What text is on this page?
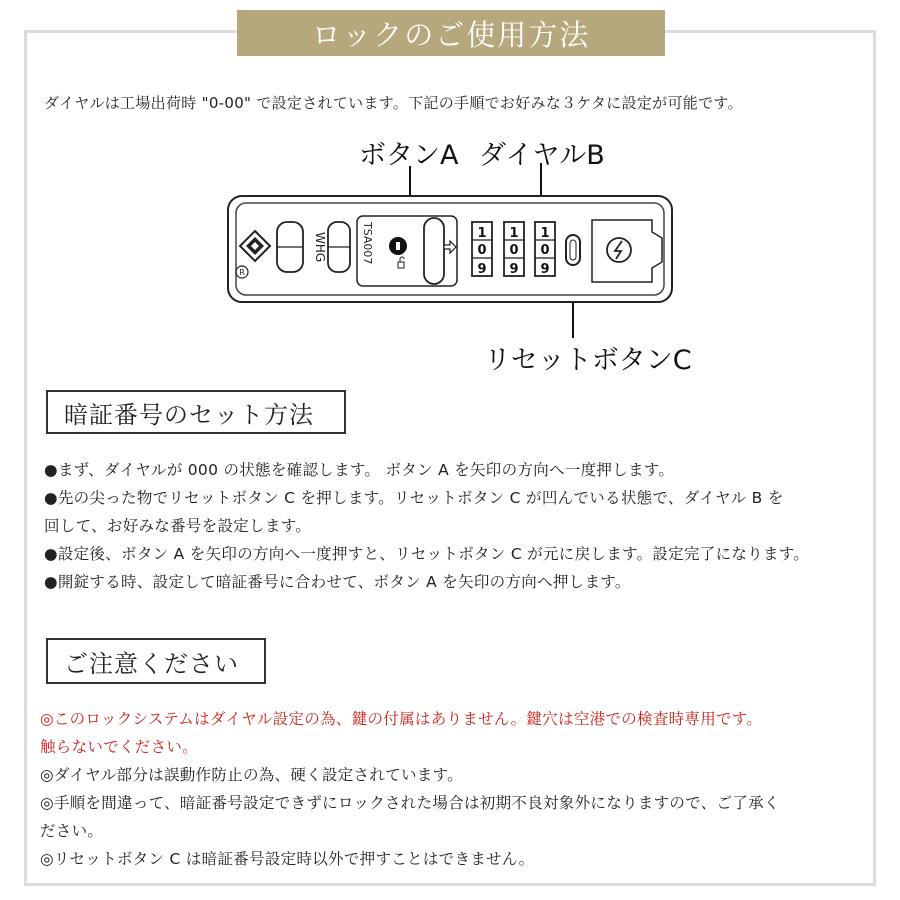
ロックのご使用方法
ダイヤルは工場出荷時 "0-00" で設定されています。下記の手順でお好みな３ケタに設定が可能です。
R
WHG	TSA007	1
0
9
1
0
9
1
0
9
ボタンA ダイヤルB
リセットボタンC
暗証番号のセット方法

●まず、ダイヤルが 000 の状態を確認します。 ボタン A を矢印の方向へ一度押します。

●先の尖った物でリセットボタン C を押します。リセットボタン C が凹んでいる状態で、ダイヤル B を

回して、お好みな番号を設定します。

●設定後、ボタン A を矢印の方向へ一度押すと、リセットボタン C が元に戻します。設定完了になります。

●開錠する時、設定して暗証番号に合わせて、ボタン A を矢印の方向へ押します。

ご注意ください

◎このロックシステムはダイヤル設定の為、鍵の付属はありません。鍵穴は空港での検査時専用です。

触らないでください。

◎ダイヤル部分は誤動作防止の為、硬く設定されています。

◎手順を間違って、暗証番号設定できずにロックされた場合は初期不良対象外になりますので、ご了承く

ださい。

◎リセットボタン C は暗証番号設定時以外で押すことはできません。
